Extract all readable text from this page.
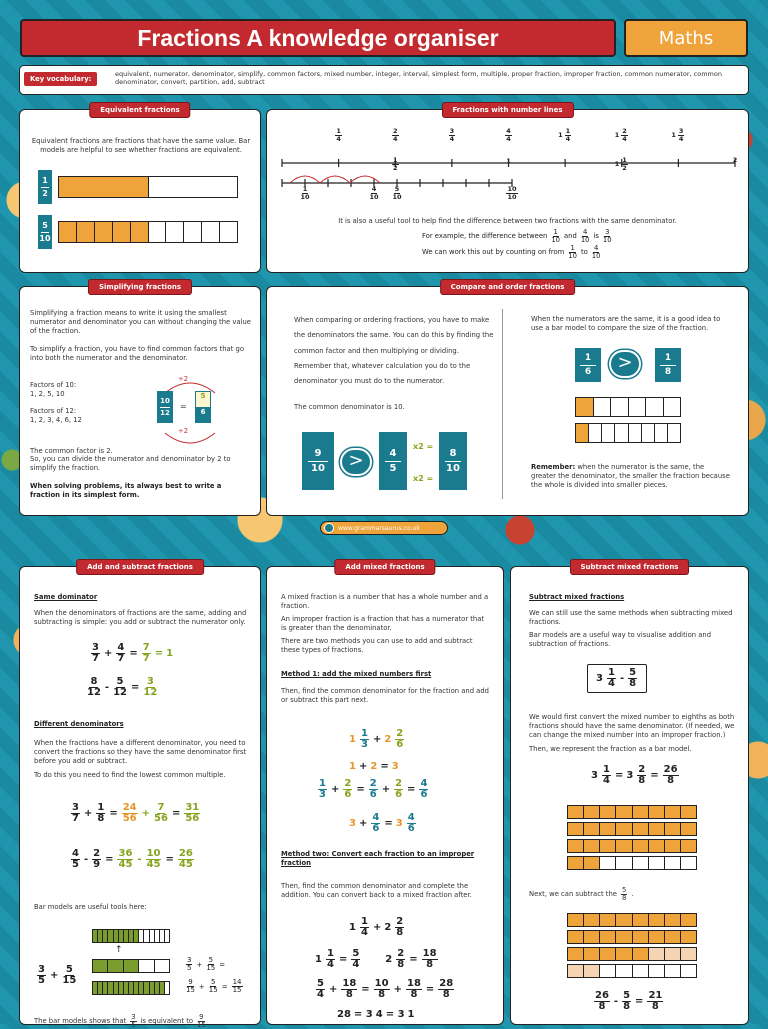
Fractions A knowledge organiser	Maths
Key vocabulary:
equivalent, numerator, denominator, simplify, common factors, mixed number, integer, interval, simplest form, multiple, proper fraction, improper fraction, common numerator, common denominator, convert, partition, add, subtract
Equivalent fractions
Equivalent fractions are fractions that have the same value. Bar models are helpful to see whether fractions are equivalent.
1
2
5
10
Fractions with number lines
1
4
2
4
3
4
4
4	1 1
4	1 2
4	1 3
4
2
1
2
1	1 1
2
1
10
4
10
5
10
10
10
It is also a useful tool to help find the difference between two fractions with the same denominator.
For example, the difference between
1
10 and
4
10 is
3
10
We can work this out by counting on from
1
10 to
4
10
Simplifying fractions
Simplifying a fraction means to write it using the smallest numerator and denominator you can without changing the value of the fraction.
To simplify a fraction, you have to find common factors that go into both the numerator and the denominator.
Factors of 10:
1, 2, 5, 10
Factors of 12:
1, 2, 3, 4, 6, 12
÷2
÷2
10
12
=
5
6
The common factor is 2.
So, you can divide the numerator and denominator by 2 to simplify the fraction.
When solving problems, its always best to write a fraction in its simplest form.
Compare and order fractions
When comparing or ordering fractions, you have to make the denominators the same. You can do this by finding the common factor and then multiplying or dividing. Remember that, whatever calculation you do to the denominator you must do to the numerator.
The common denominator is 10.
9
10	>	4
5
x2 =
x2 =
8
10
When the numerators are the same, it is a good idea to use a bar model to compare the size of the fraction.
1
6	>	1
8
Remember: when the numerator is the same, the greater the denominator, the smaller the fraction because the whole is divided into smaller pieces.
www.grammarsaurus.co.uk
Add and subtract fractions
Same dominator
When the denominators of fractions are the same, adding and subtracting is simple: you add or subtract the numerator only.
3
$7 + \frac{4}{7} = \frac{7}{7} = 1$
8
$12 - \frac{5}{12} = \frac{3}{12}$
Different denominators
When the fractions have a different denominator, you need to convert the fractions so they have the same denominator first before you add or subtract.
To do this you need to find the lowest common multiple.
3
$7 + \frac{1}{8} = \frac{24}{56} + \frac{7}{56} = \frac{31}{56}$
4
$5 - \frac{2}{9} = \frac{36}{45} - \frac{10}{45} = \frac{26}{45}$
Bar models are useful tools here:
3
$5 + \frac{5}{15}$
↑
3
$5 + \frac{5}{15}$ =
9
$15 + \frac{5}{15} = \frac{14}{15}$
The bar models shows that
3
5 is equivalent to
9
15
Add mixed fractions
A mixed fraction is a number that has a whole number and a fraction.
An improper fraction is a fraction that has a numerator that is greater than the denominator.
There are two methods you can use to add and subtract these types of fractions.
Method 1: add the mixed numbers first
Then, find the common denominator for the fraction and add or subtract this part next.
1
1
3 + 2
2
6
1 + 2 = 3
1
$3 + \frac{2}{6} = \frac{2}{6} + \frac{2}{6} = \frac{4}{6}$
$3 + \frac{4}{6} = 3$
4
6
Method two: Convert each fraction to an improper fraction
Then, find the common denominator and complete the addition. You can convert back to a mixed fraction after.
1
1
4 + 2
2
8
$1 \frac{1}{4} = \frac{5}{4}$	$2 \frac{2}{8} = \frac{18}{8}$
5
$4 + \frac{18}{8} = \frac{10}{8} + \frac{18}{8} = \frac{28}{8}$
28 = 3 4 = 3 1
Subtract mixed fractions
Subtract mixed fractions
We can still use the same methods when subtracting mixed fractions.
Bar models are a useful way to visualise addition and subtraction of fractions.
3
1
4 -
5
8
We would first convert the mixed number to eighths as both fractions should have the same denominator. (If needed, we can change the mixed number into an improper fraction.)
Then, we represent the fraction as a bar model.
$3 \frac{1}{4} = 3 \frac{2}{8} = \frac{26}{8}$
Next, we can subtract the
5
8 .
26
$8 - \frac{5}{8} = \frac{21}{8}$
